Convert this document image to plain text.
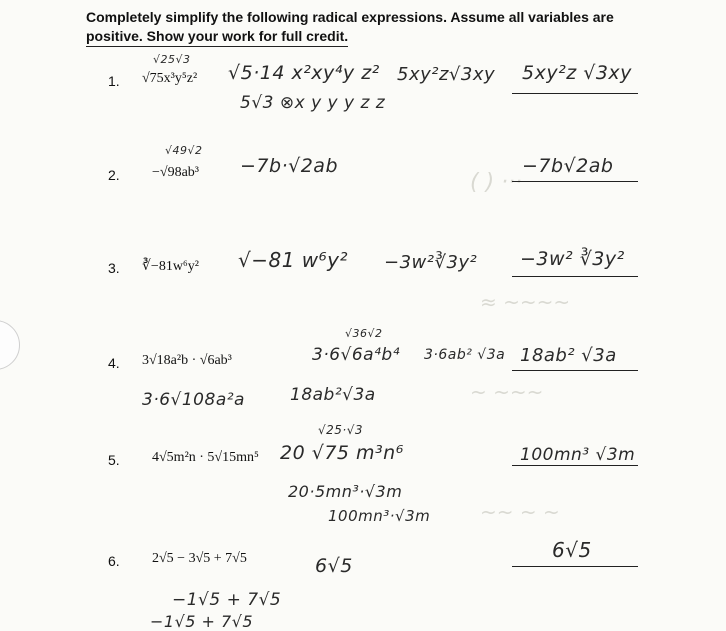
( ) ···
≈ ~~~~
~ ~~~
~~ ~ ~
Completely simplify the following radical expressions. Assume all variables are
positive. Show your work for full credit.
1.
√25√3
√75x³y⁵z² √5·14 x²xy⁴y z²
5√3 ⊗x y y y z z
5xy²z√3xy 5xy²z √3xy
2.
√49√2
−√98ab³ −7b·√2ab	−7b√2ab
3. ∛−81w⁶y² √−81 w⁶y² −3w²∛3y² −3w² ∛3y²
4. 3√18a²b · √6ab³
√36√2
3·6√6a⁴b⁴ 3·6ab² √3a 18ab² √3a
3·6√108a²a	18ab²√3a
5. 4√5m²n · 5√15mn⁵
√25·√3
20 √75 m³n⁶
20·5mn³·√3m
100mn³·√3m
100mn³ √3m
6. 2√5 − 3√5 + 7√5	6√5
6√5
−1√5 + 7√5
−1√5 + 7√5
